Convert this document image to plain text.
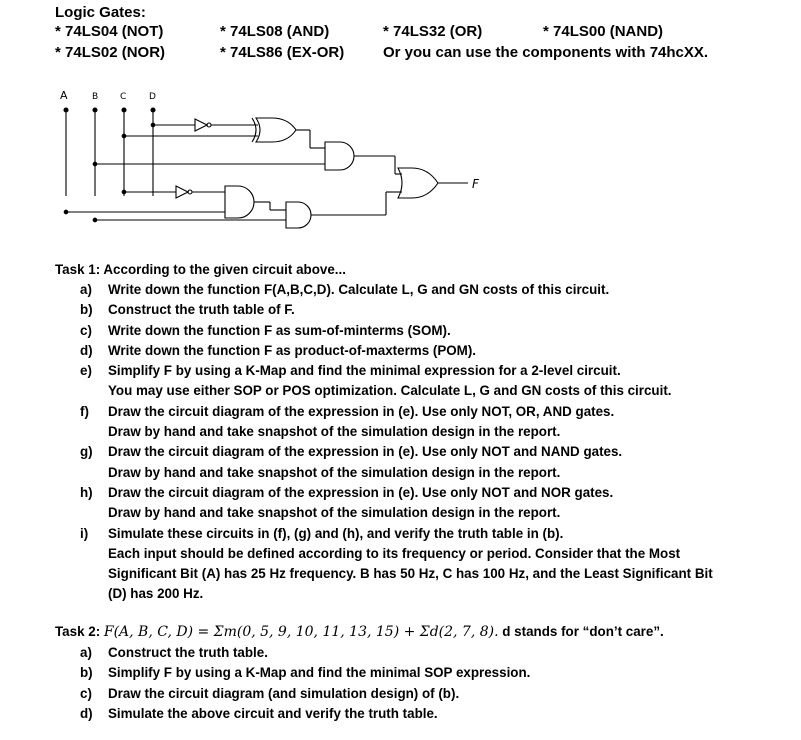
Logic Gates:
* 74LS04 (NOT)	* 74LS08 (AND)	* 74LS32 (OR)	* 74LS00 (NAND)
* 74LS02 (NOR)	* 74LS86 (EX-OR)	Or you can use the components with 74hcXX.
A	B C	D
F
Task 1: According to the given circuit above...
a) Write down the function F(A,B,C,D). Calculate L, G and GN costs of this circuit.
b) Construct the truth table of F.
c) Write down the function F as sum-of-minterms (SOM).
d) Write down the function F as product-of-maxterms (POM).
e) Simplify F by using a K-Map and find the minimal expression for a 2-level circuit.
You may use either SOP or POS optimization. Calculate L, G and GN costs of this circuit.
f) Draw the circuit diagram of the expression in (e). Use only NOT, OR, AND gates.
Draw by hand and take snapshot of the simulation design in the report.
g) Draw the circuit diagram of the expression in (e). Use only NOT and NAND gates.
Draw by hand and take snapshot of the simulation design in the report.
h) Draw the circuit diagram of the expression in (e). Use only NOT and NOR gates.
Draw by hand and take snapshot of the simulation design in the report.
i) Simulate these circuits in (f), (g) and (h), and verify the truth table in (b).
Each input should be defined according to its frequency or period. Consider that the Most
Significant Bit (A) has 25 Hz frequency. B has 50 Hz, C has 100 Hz, and the Least Significant Bit
(D) has 200 Hz.
Task 2: F(A, B, C, D) = Σm(0, 5, 9, 10, 11, 13, 15) + Σd(2, 7, 8). d stands for “don’t care”.
a) Construct the truth table.
b) Simplify F by using a K-Map and find the minimal SOP expression.
c) Draw the circuit diagram (and simulation design) of (b).
d) Simulate the above circuit and verify the truth table.
